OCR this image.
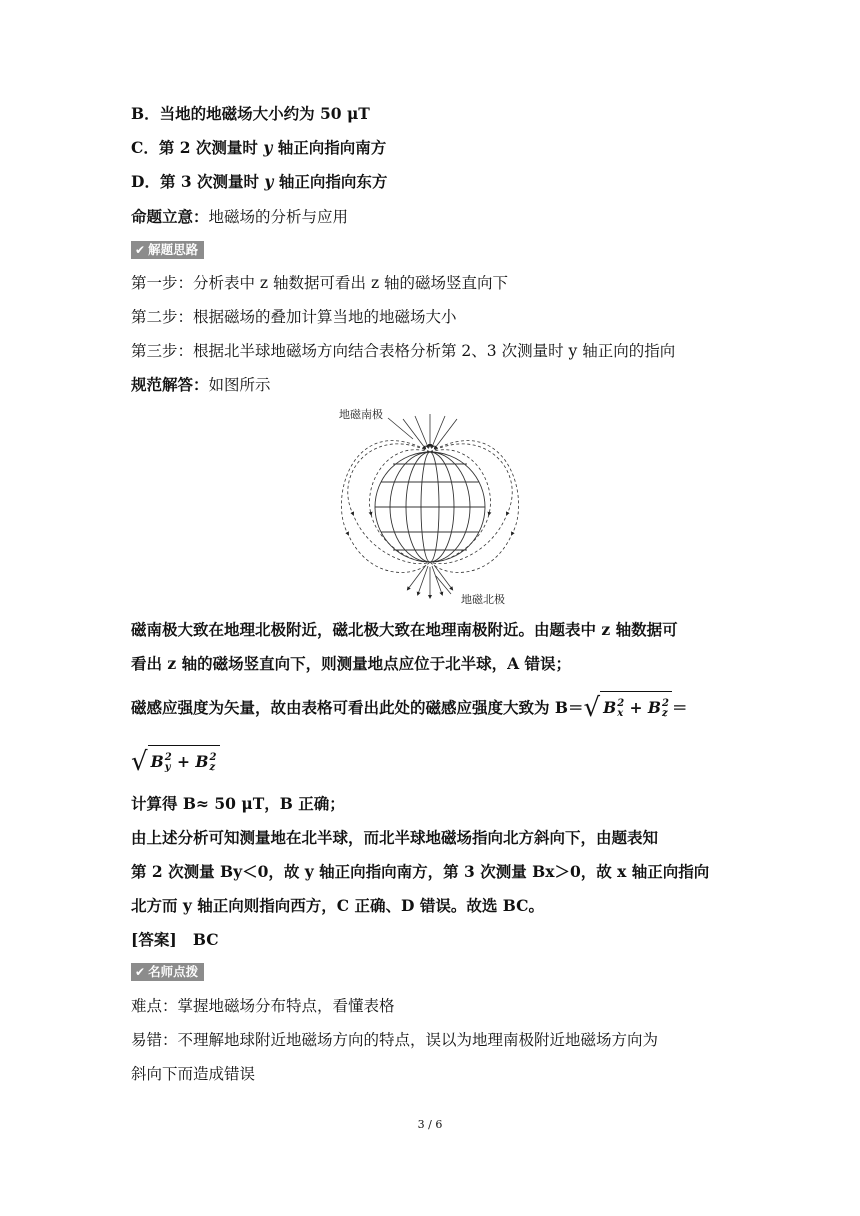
B．当地的地磁场大小约为 50 μT
C．第 2 次测量时 y 轴正向指向南方
D．第 3 次测量时 y 轴正向指向东方
命题立意：地磁场的分析与应用
✔ 解题思路
第一步：分析表中 z 轴数据可看出 z 轴的磁场竖直向下
第二步：根据磁场的叠加计算当地的地磁场大小
第三步：根据北半球地磁场方向结合表格分析第 2、3 次测量时 y 轴正向的指向
规范解答：如图所示
地磁南极
地磁北极
磁南极大致在地理北极附近，磁北极大致在地理南极附近。由题表中 z 轴数据可
看出 z 轴的磁场竖直向下，则测量地点应位于北半球，A 错误；
磁感应强度为矢量，故由表格可看出此处的磁感应强度大致为 B＝ √ B 2
x + B 2
z ＝
√ B 2
y + B 2
z
计算得 B≈ 50 μT，B 正确；
由上述分析可知测量地在北半球，而北半球地磁场指向北方斜向下，由题表知
第 2 次测量 By＜0，故 y 轴正向指向南方，第 3 次测量 Bx＞0，故 x 轴正向指向
北方而 y 轴正向则指向西方，C 正确、D 错误。故选 BC。
[答案] BC
✔ 名师点拨
难点：掌握地磁场分布特点，看懂表格
易错：不理解地球附近地磁场方向的特点，误以为地理南极附近地磁场方向为
斜向下而造成错误
3 / 6
